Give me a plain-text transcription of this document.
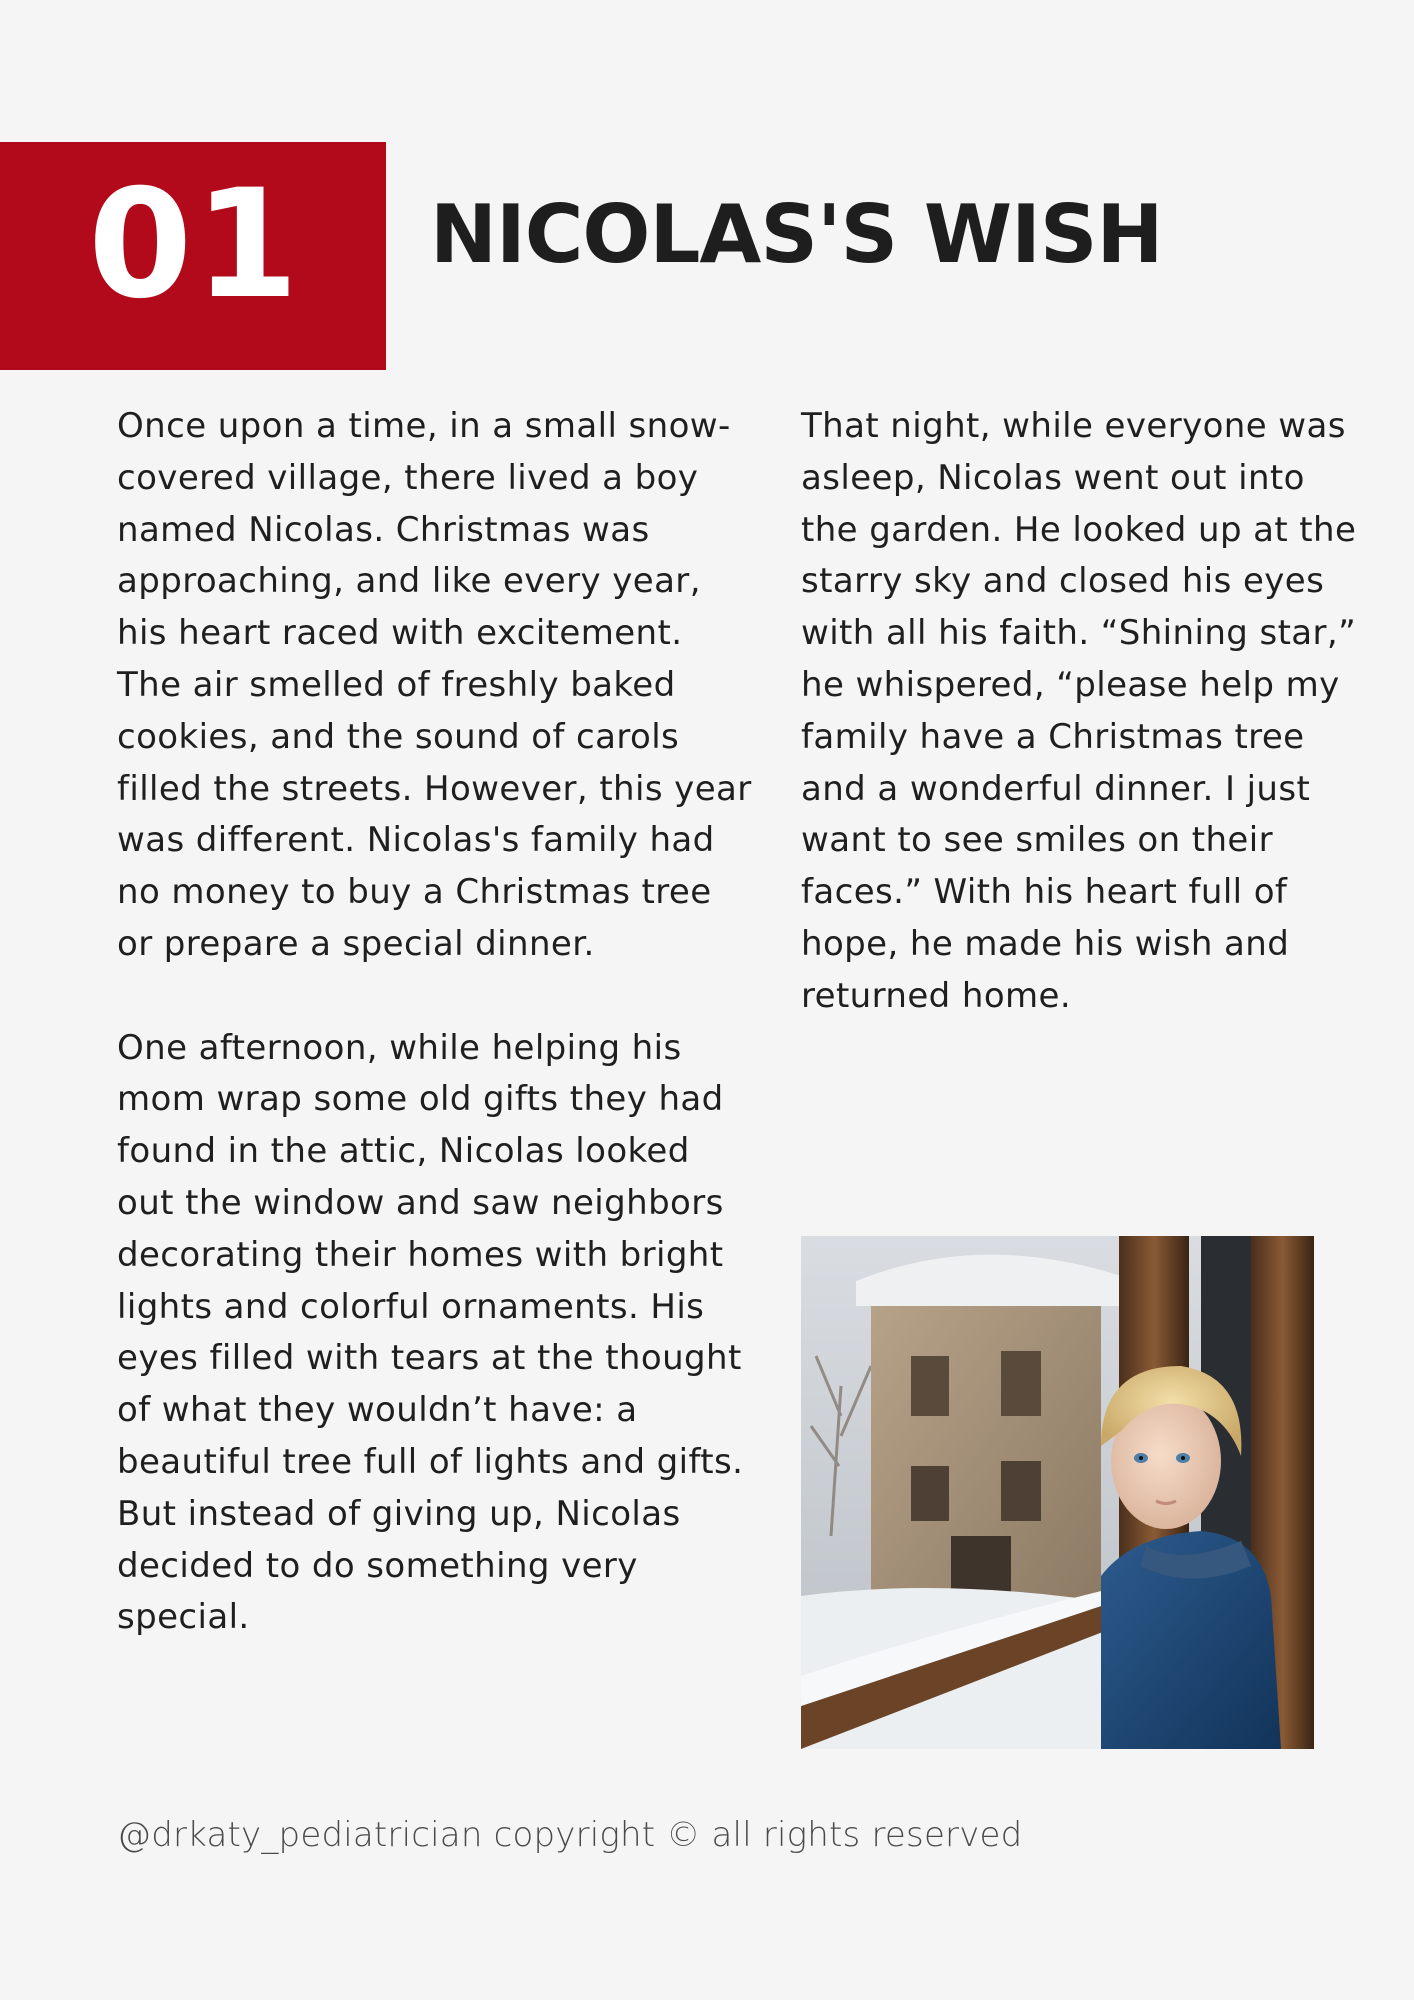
01 NICOLAS'S WISH

Once upon a time, in a small snow-covered village, there lived a boy named Nicolas. Christmas was approaching, and like every year, his heart raced with excitement. The air smelled of freshly baked cookies, and the sound of carols filled the streets. However, this year was different. Nicolas's family had no money to buy a Christmas tree or prepare a special dinner.

One afternoon, while helping his mom wrap some old gifts they had found in the attic, Nicolas looked out the window and saw neighbors decorating their homes with bright lights and colorful ornaments. His eyes filled with tears at the thought of what they wouldn’t have: a beautiful tree full of lights and gifts. But instead of giving up, Nicolas decided to do something very special.

That night, while everyone was asleep, Nicolas went out into the garden. He looked up at the starry sky and closed his eyes with all his faith. “Shining star,” he whispered, “please help my family have a Christmas tree and a wonderful dinner. I just want to see smiles on their faces.” With his heart full of hope, he made his wish and returned home.

@drkaty_pediatrician copyright © all rights reserved
